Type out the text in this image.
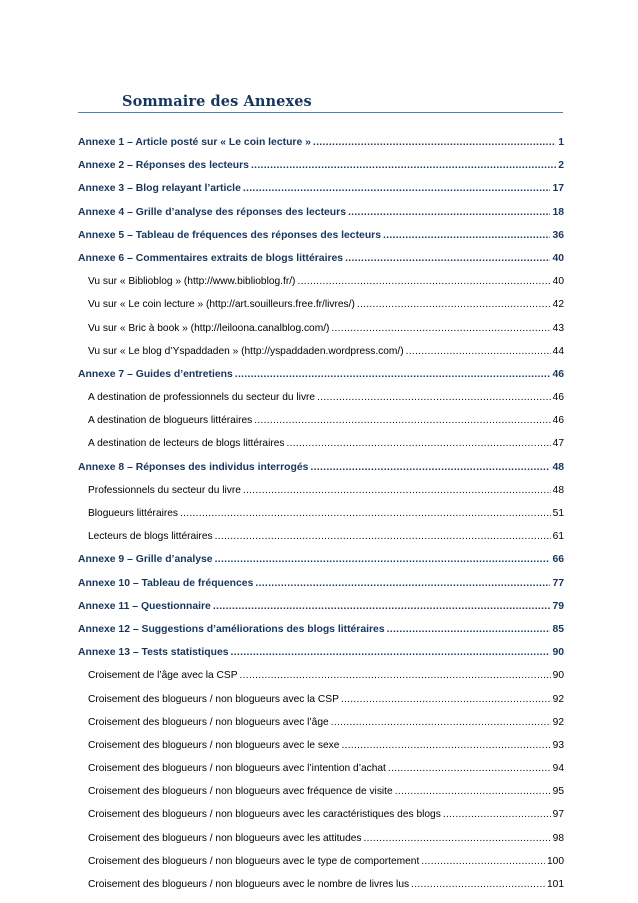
Sommaire des Annexes
Annexe 1 – Article posté sur « Le coin lecture » .....	1
Annexe 2 – Réponses des lecteurs .....	2
Annexe 3 – Blog relayant l’article .....	17
Annexe 4 – Grille d’analyse des réponses des lecteurs .....	18
Annexe 5 – Tableau de fréquences des réponses des lecteurs .....	36
Annexe 6 – Commentaires extraits de blogs littéraires .....	40
Vu sur « Biblioblog » (http://www.biblioblog.fr/) .....	40
Vu sur « Le coin lecture » (http://art.souilleurs.free.fr/livres/) .....	42
Vu sur « Bric à book » (http://leiloona.canalblog.com/) .....	43
Vu sur « Le blog d’Yspaddaden » (http://yspaddaden.wordpress.com/) .....	44
Annexe 7 – Guides d’entretiens .....	46
A destination de professionnels du secteur du livre .....	46
A destination de blogueurs littéraires .....	46
A destination de lecteurs de blogs littéraires .....	47
Annexe 8 – Réponses des individus interrogés .....	48
Professionnels du secteur du livre .....	48
Blogueurs littéraires .....	51
Lecteurs de blogs littéraires .....	61
Annexe 9 – Grille d’analyse .....	66
Annexe 10 – Tableau de fréquences .....	77
Annexe 11 – Questionnaire .....	79
Annexe 12 – Suggestions d’améliorations des blogs littéraires .....	85
Annexe 13 – Tests statistiques .....	90
Croisement de l’âge avec la CSP .....	90
Croisement des blogueurs / non blogueurs avec la CSP .....	92
Croisement des blogueurs / non blogueurs avec l’âge .....	92
Croisement des blogueurs / non blogueurs avec le sexe .....	93
Croisement des blogueurs / non blogueurs avec l’intention d’achat .....	94
Croisement des blogueurs / non blogueurs avec fréquence de visite .....	95
Croisement des blogueurs / non blogueurs avec les caractéristiques des blogs .....	97
Croisement des blogueurs / non blogueurs avec les attitudes .....	98
Croisement des blogueurs / non blogueurs avec le type de comportement .....	100
Croisement des blogueurs / non blogueurs avec le nombre de livres lus .....	101
